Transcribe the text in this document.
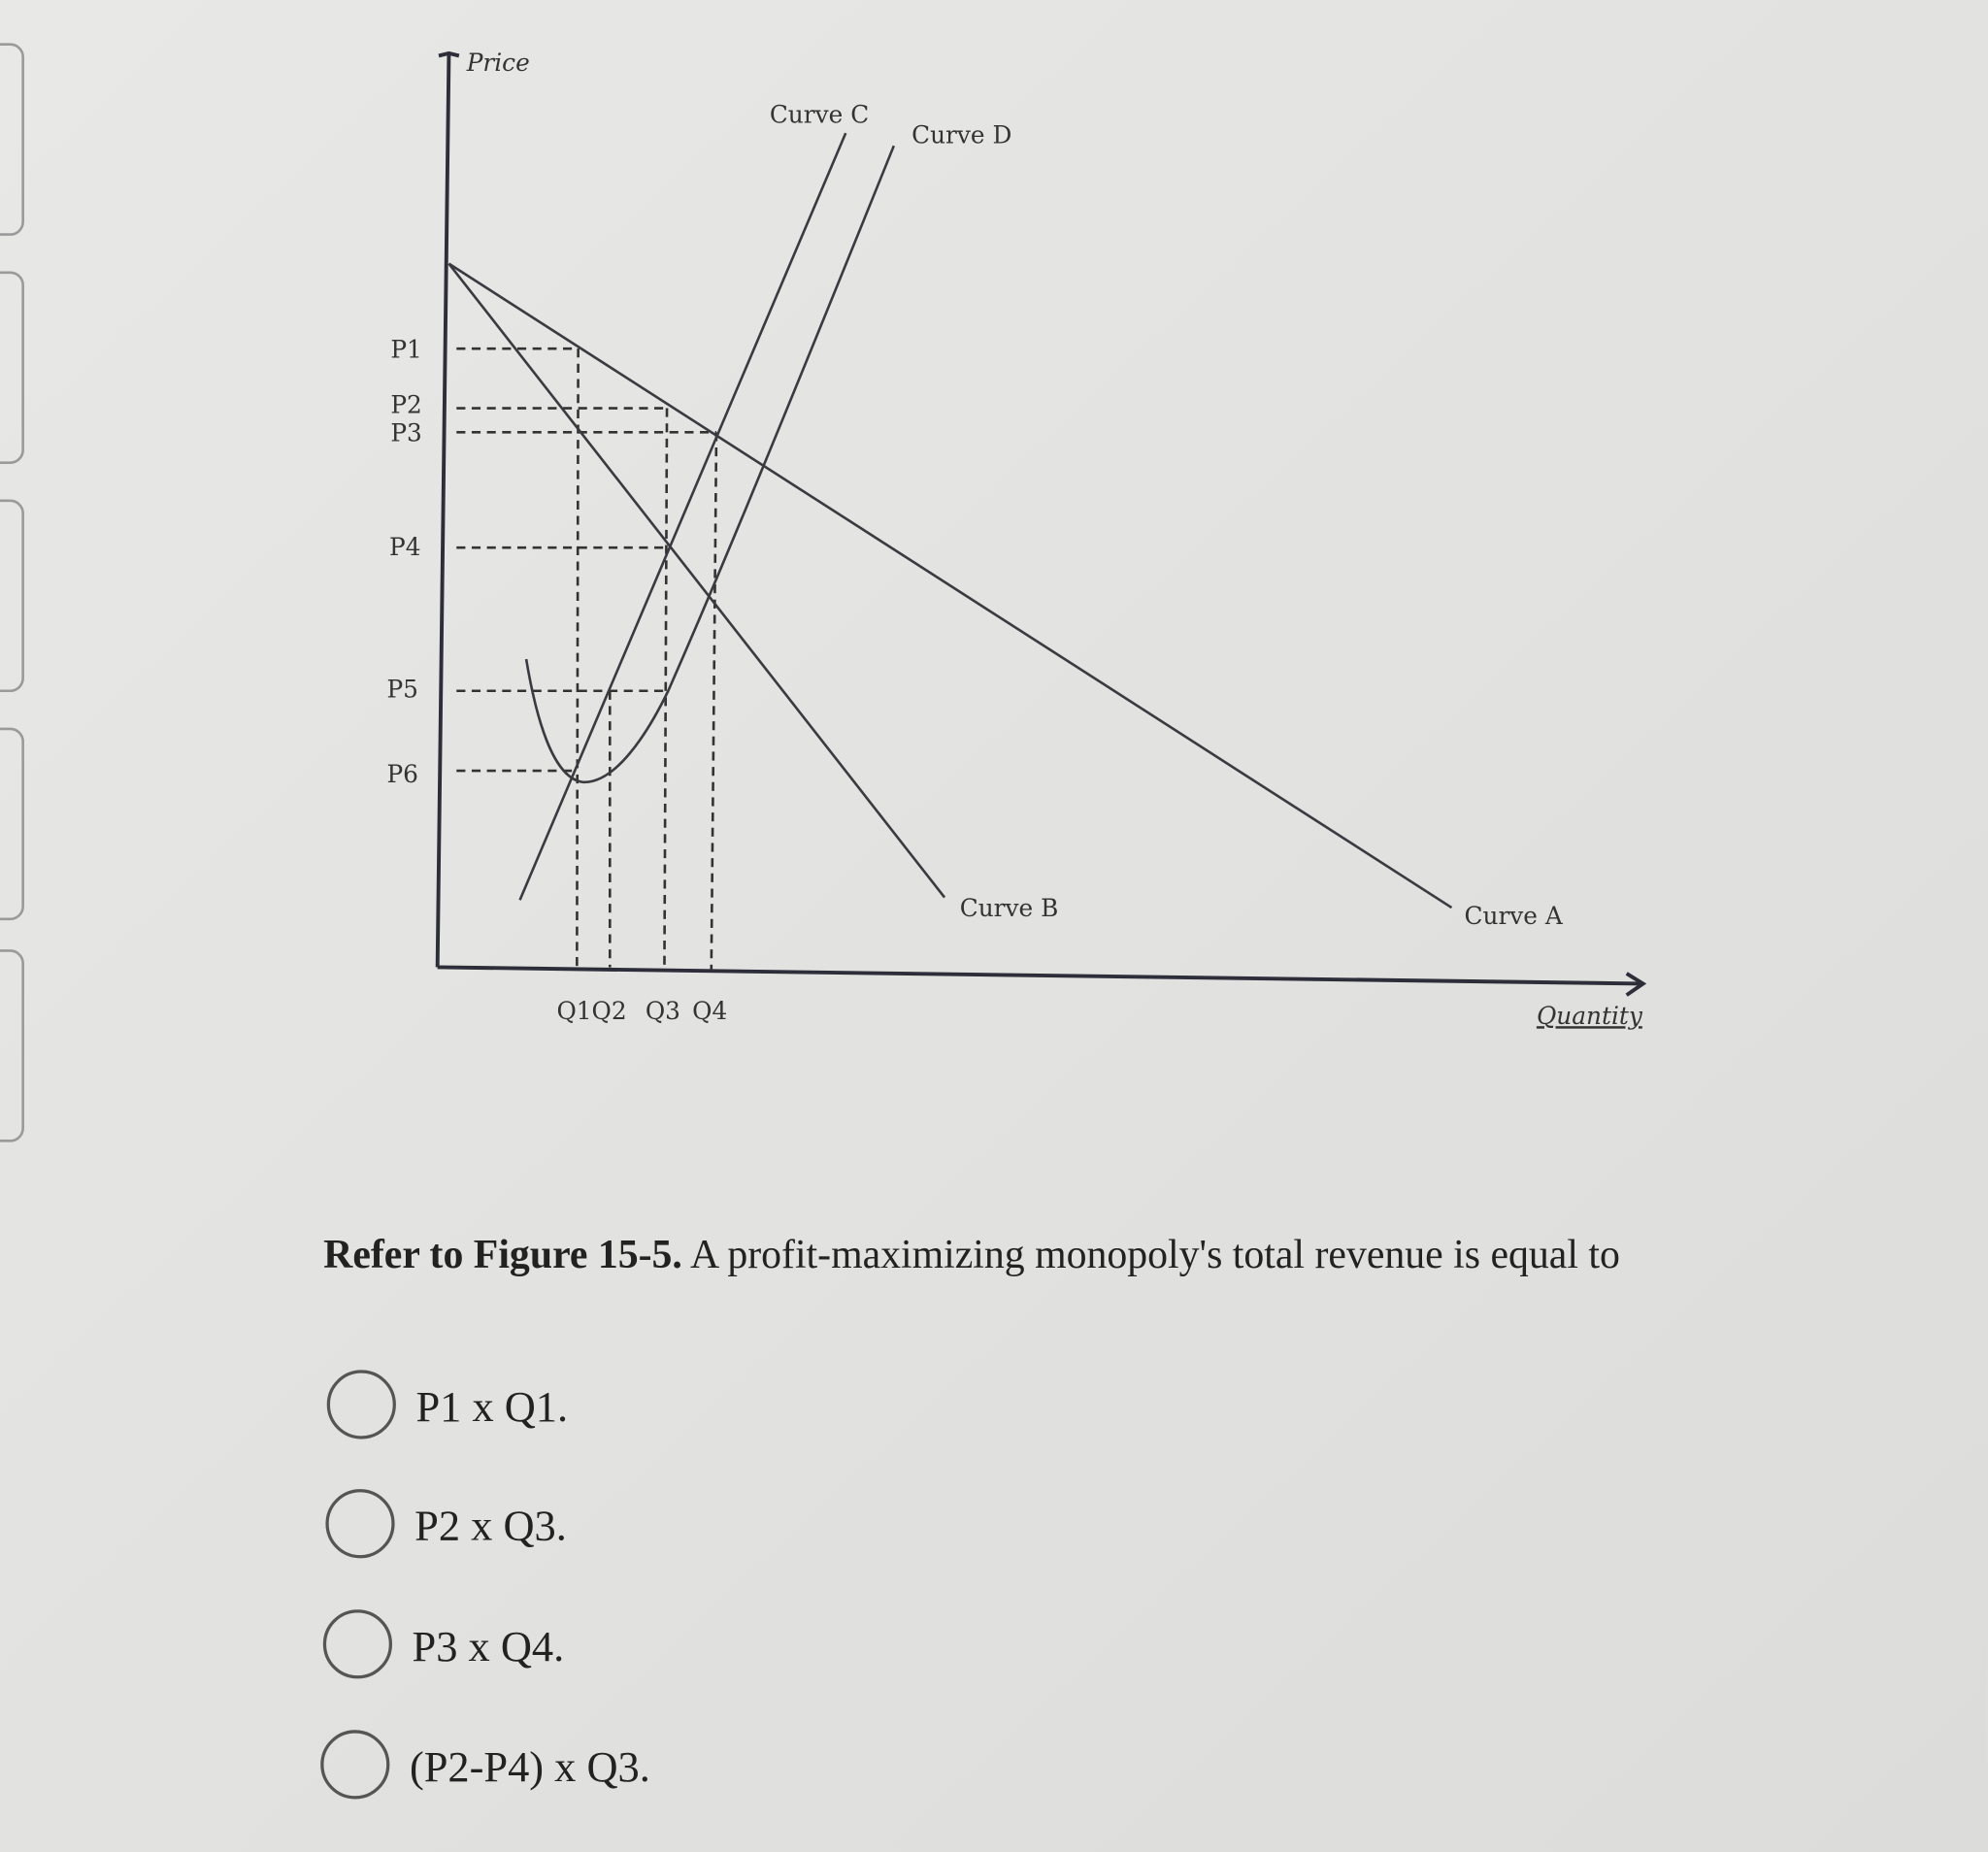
Price
Quantity
P1
P2
P3
P4
P5
P6
Q1Q2 Q3 Q4
Curve C
Curve D
Curve B	Curve A
Refer to Figure 15-5. A profit-maximizing monopoly's total revenue is equal to
P1 x Q1.
P2 x Q3.
P3 x Q4.
(P2-P4) x Q3.
